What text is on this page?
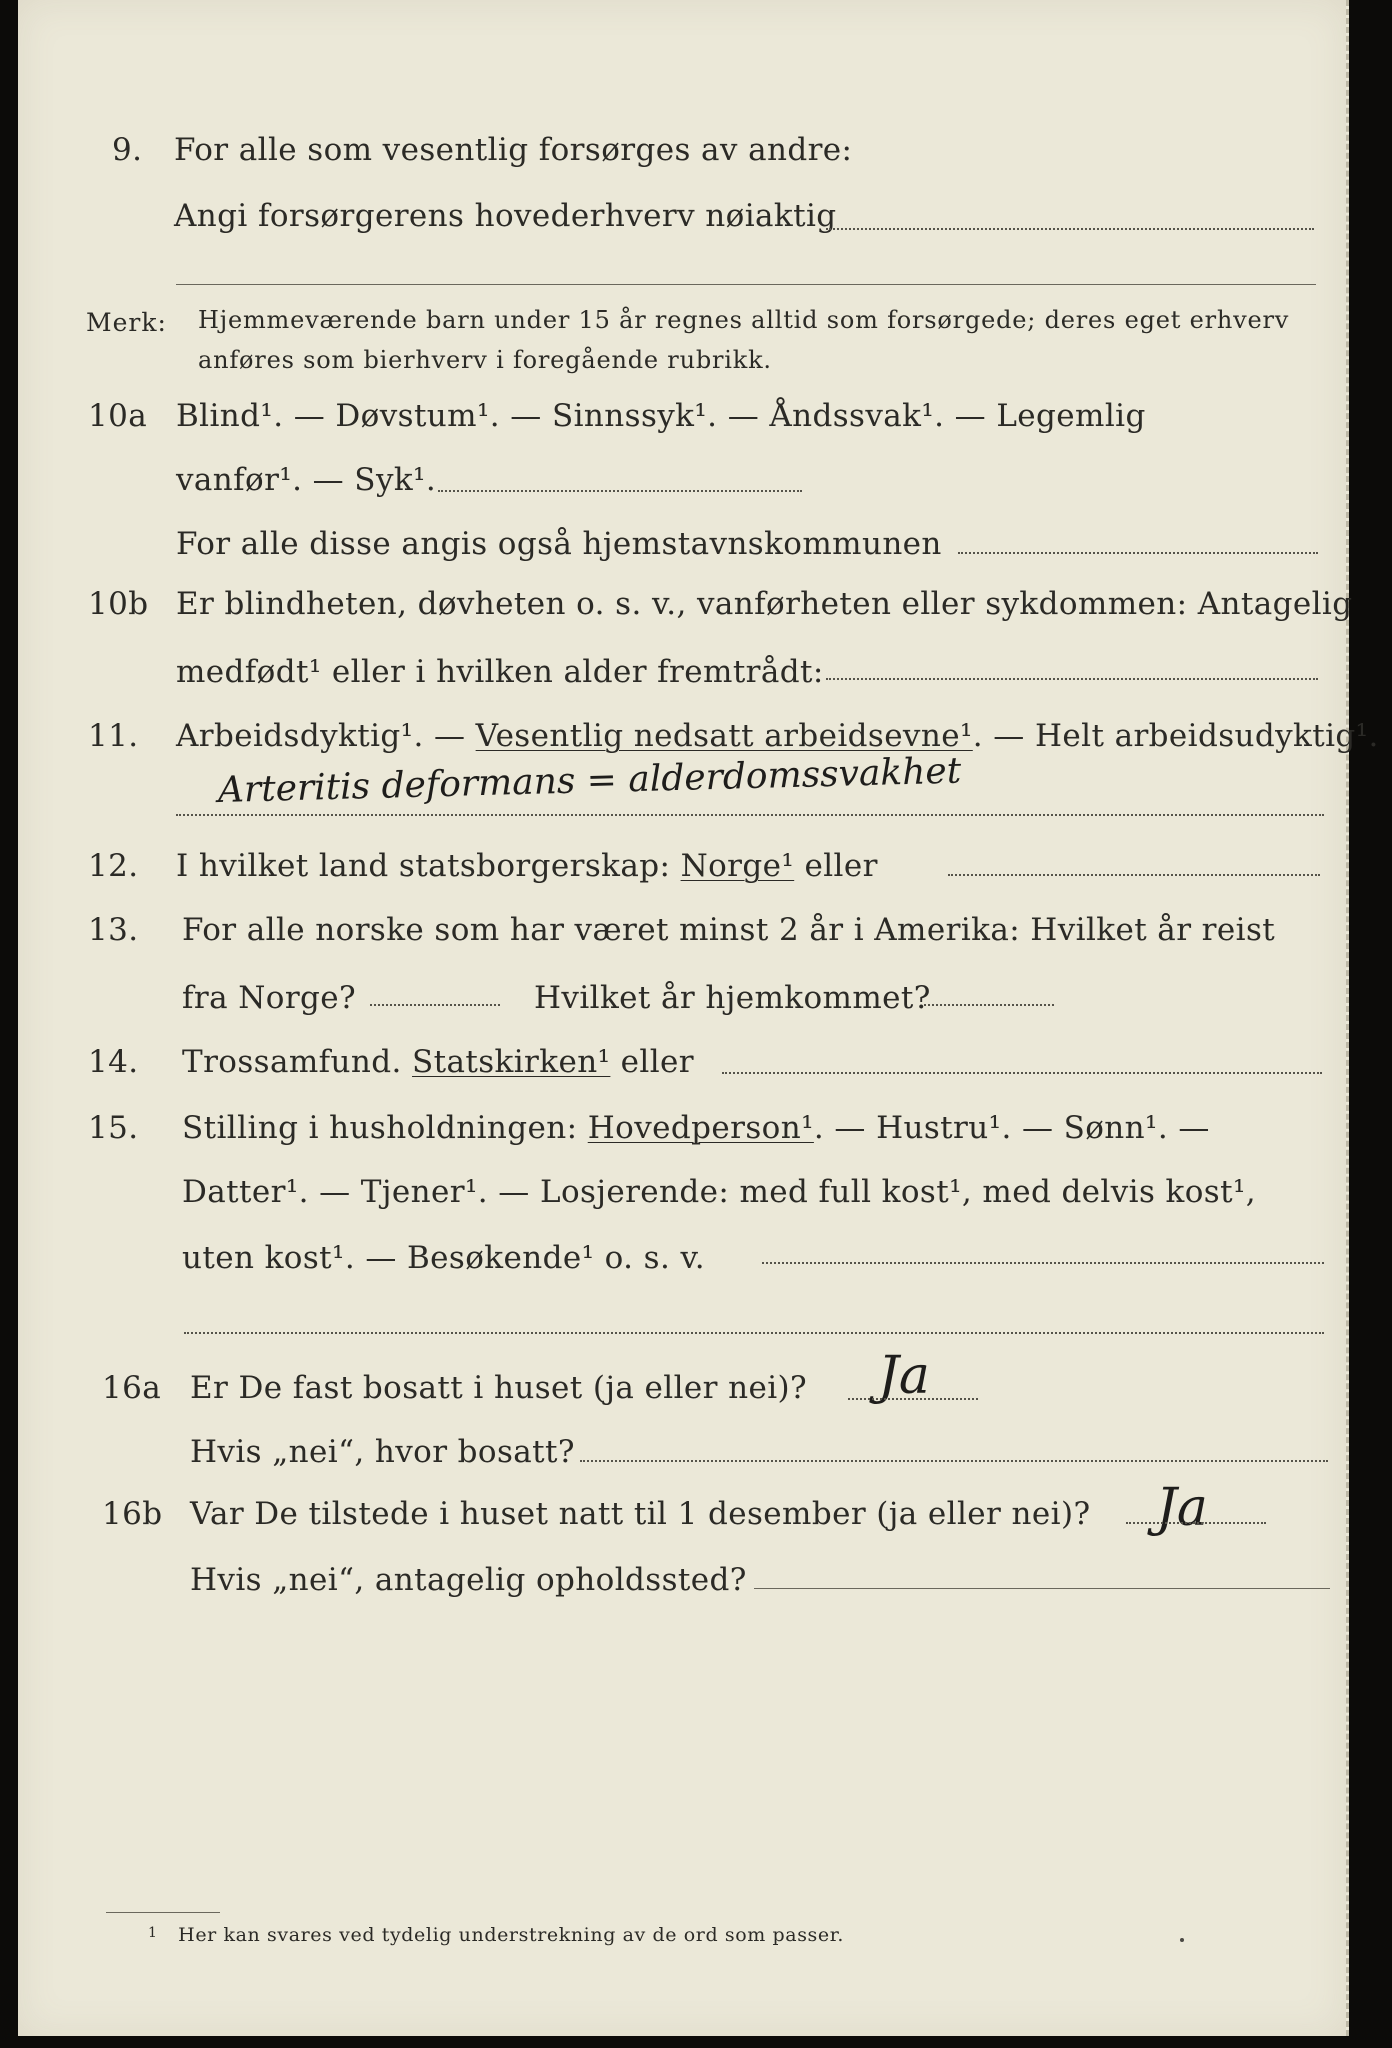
9. For alle som vesentlig forsørges av andre:
Angi forsørgerens hovederhverv nøiaktig
Merk: Hjemmeværende barn under 15 år regnes alltid som forsørgede; deres eget erhverv anføres som bierhverv i foregående rubrikk.
10a Blind¹. — Døvstum¹. — Sinnssyk¹. — Åndssvak¹. — Legemlig
vanfør¹. — Syk¹.
For alle disse angis også hjemstavnskommunen
10b Er blindheten, døvheten o. s. v., vanførheten eller sykdommen: Antagelig
medfødt¹ eller i hvilken alder fremtrådt:
11. Arbeidsdyktig¹. — Vesentlig nedsatt arbeidsevne¹. — Helt arbeidsudyktig¹.
Arteritis deformans = alderdomssvakhet
12. I hvilket land statsborgerskap: Norge¹ eller
13. For alle norske som har været minst 2 år i Amerika: Hvilket år reist
fra Norge?	Hvilket år hjemkommet?
14. Trossamfund. Statskirken¹ eller
15. Stilling i husholdningen: Hovedperson¹. — Hustru¹. — Sønn¹. —
Datter¹. — Tjener¹. — Losjerende: med full kost¹, med delvis kost¹,
uten kost¹. — Besøkende¹ o. s. v.
16a Er De fast bosatt i huset (ja eller nei)? Ja
Hvis „nei“, hvor bosatt?
16b Var De tilstede i huset natt til 1 desember (ja eller nei)? Ja
Hvis „nei“, antagelig opholdssted?
$^1$ Her kan svares ved tydelig understrekning av de ord som passer.
